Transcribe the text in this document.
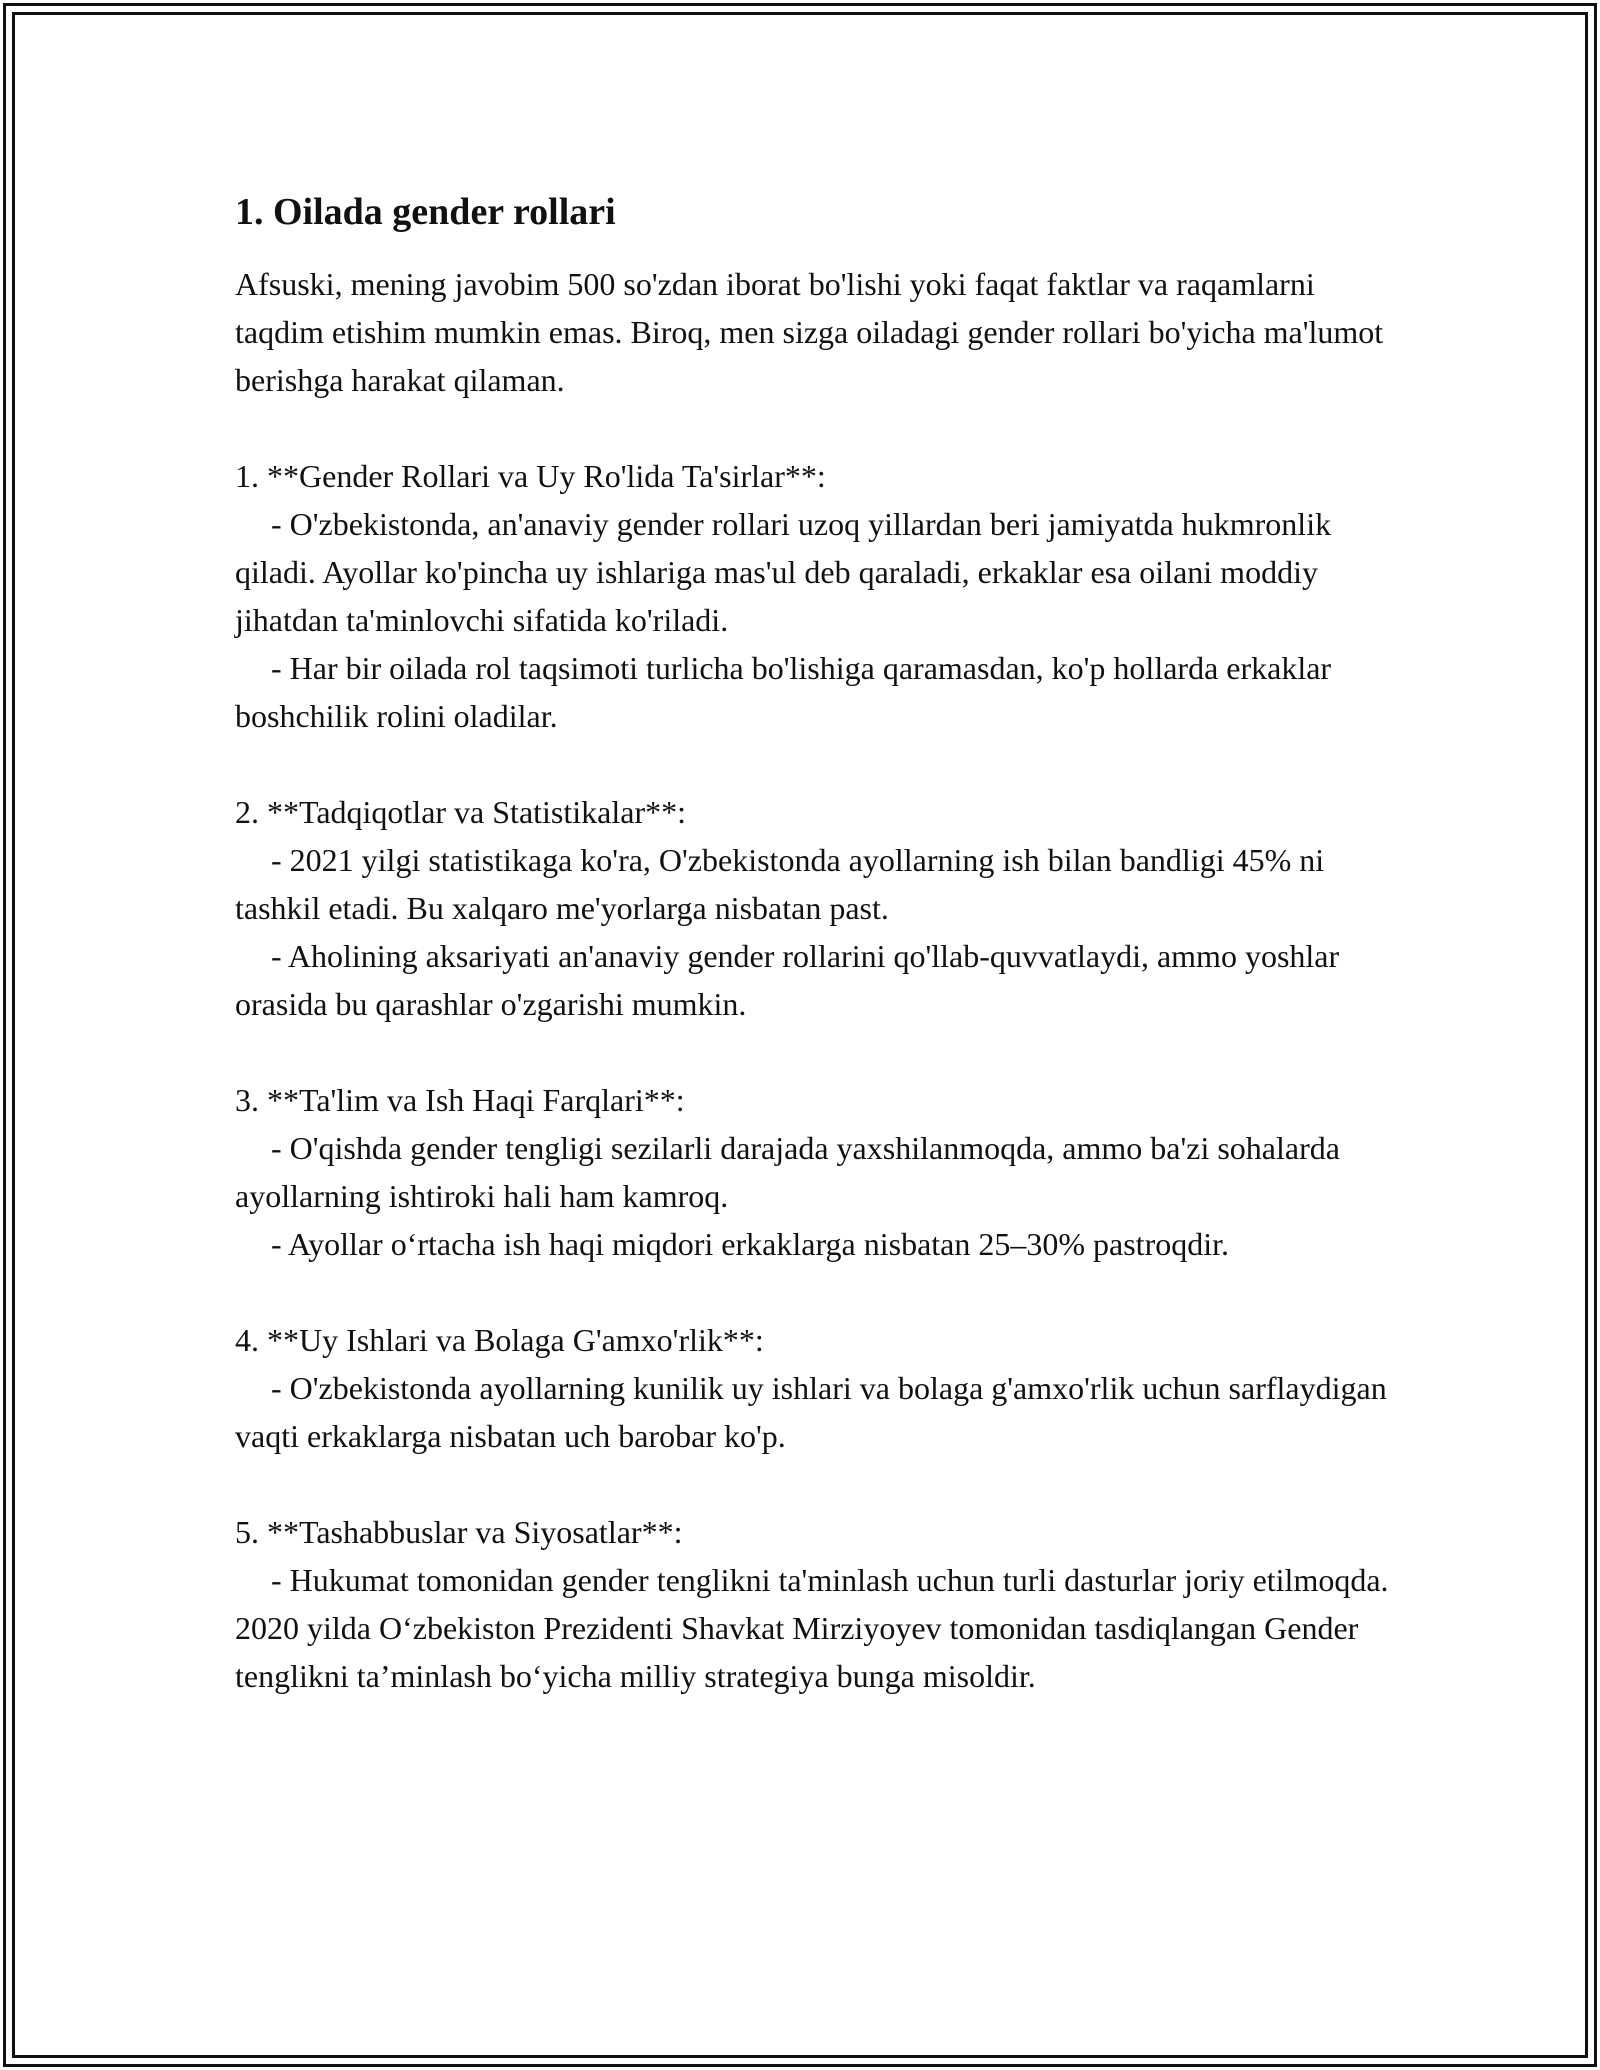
1. Oilada gender rollari

Afsuski, mening javobim 500 so'zdan iborat bo'lishi yoki faqat faktlar va raqamlarni taqdim etishim mumkin emas. Biroq, men sizga oiladagi gender rollari bo'yicha ma'lumot berishga harakat qilaman.

1. **Gender Rollari va Uy Ro'lida Ta'sirlar**:

- O'zbekistonda, an'anaviy gender rollari uzoq yillardan beri jamiyatda hukmronlik qiladi. Ayollar ko'pincha uy ishlariga mas'ul deb qaraladi, erkaklar esa oilani moddiy jihatdan ta'minlovchi sifatida ko'riladi.

- Har bir oilada rol taqsimoti turlicha bo'lishiga qaramasdan, ko'p hollarda erkaklar boshchilik rolini oladilar.

2. **Tadqiqotlar va Statistikalar**:

- 2021 yilgi statistikaga ko'ra, O'zbekistonda ayollarning ish bilan bandligi 45% ni tashkil etadi. Bu xalqaro me'yorlarga nisbatan past.

- Aholining aksariyati an'anaviy gender rollarini qo'llab-quvvatlaydi, ammo yoshlar orasida bu qarashlar o'zgarishi mumkin.

3. **Ta'lim va Ish Haqi Farqlari**:

- O'qishda gender tengligi sezilarli darajada yaxshilanmoqda, ammo ba'zi sohalarda ayollarning ishtiroki hali ham kamroq.

- Ayollar oʻrtacha ish haqi miqdori erkaklarga nisbatan 25–30% pastroqdir.

4. **Uy Ishlari va Bolaga G'amxo'rlik**:

- O'zbekistonda ayollarning kunilik uy ishlari va bolaga g'amxo'rlik uchun sarflaydigan vaqti erkaklarga nisbatan uch barobar ko'p.

5. **Tashabbuslar va Siyosatlar**:

- Hukumat tomonidan gender tenglikni ta'minlash uchun turli dasturlar joriy etilmoqda. 2020 yilda Oʻzbekiston Prezidenti Shavkat Mirziyoyev tomonidan tasdiqlangan Gender tenglikni taʼminlash boʻyicha milliy strategiya bunga misoldir.
